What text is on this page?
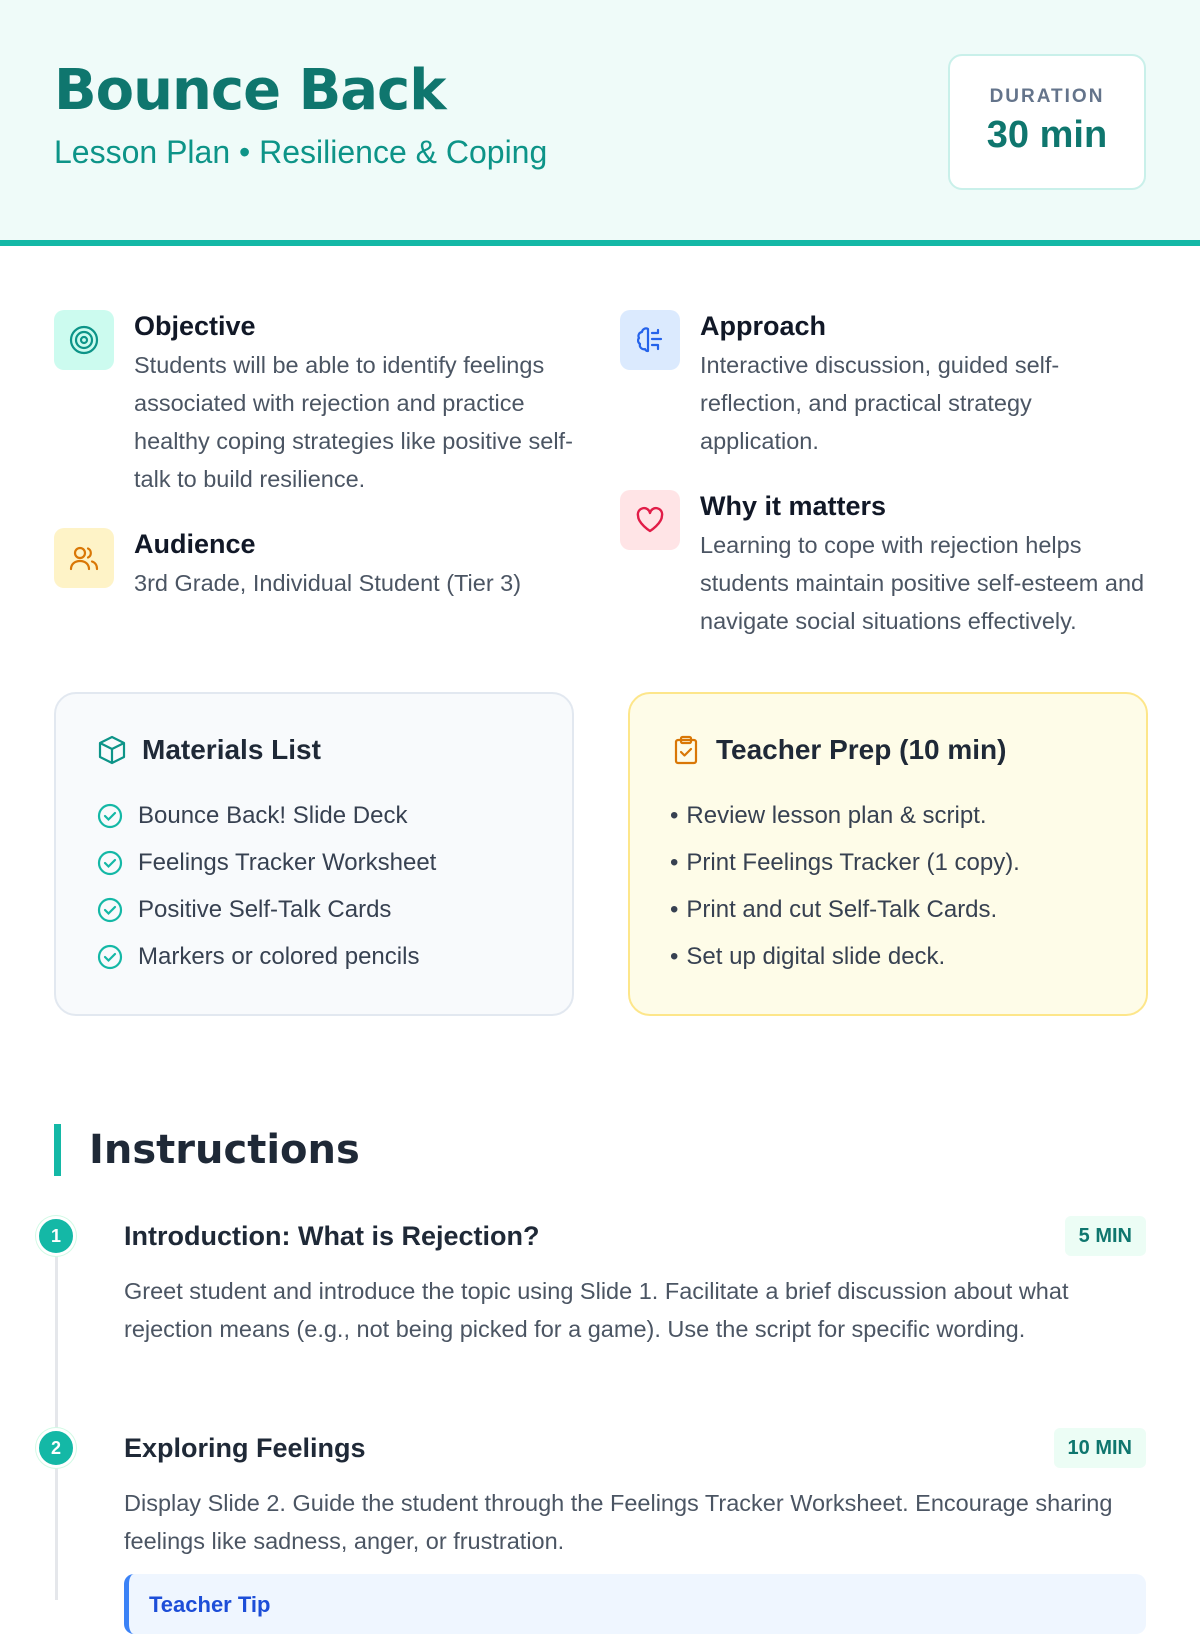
Bounce Back
Lesson Plan • Resilience & Coping
DURATION
30 min
Objective
Students will be able to identify feelings associated with rejection and practice healthy coping strategies like positive self-talk to build resilience.
Audience
3rd Grade, Individual Student (Tier 3)
Approach
Interactive discussion, guided self-reflection, and practical strategy application.
Why it matters
Learning to cope with rejection helps students maintain positive self-esteem and navigate social situations effectively.
Materials List
Bounce Back! Slide Deck
Feelings Tracker Worksheet
Positive Self-Talk Cards
Markers or colored pencils
Teacher Prep (10 min)
• Review lesson plan & script.
• Print Feelings Tracker (1 copy).
• Print and cut Self-Talk Cards.
• Set up digital slide deck.
Instructions
1	Introduction: What is Rejection?	5 MIN
Greet student and introduce the topic using Slide 1. Facilitate a brief discussion about what rejection means (e.g., not being picked for a game). Use the script for specific wording.
2	Exploring Feelings	10 MIN
Display Slide 2. Guide the student through the Feelings Tracker Worksheet. Encourage sharing feelings like sadness, anger, or frustration.
Teacher Tip
